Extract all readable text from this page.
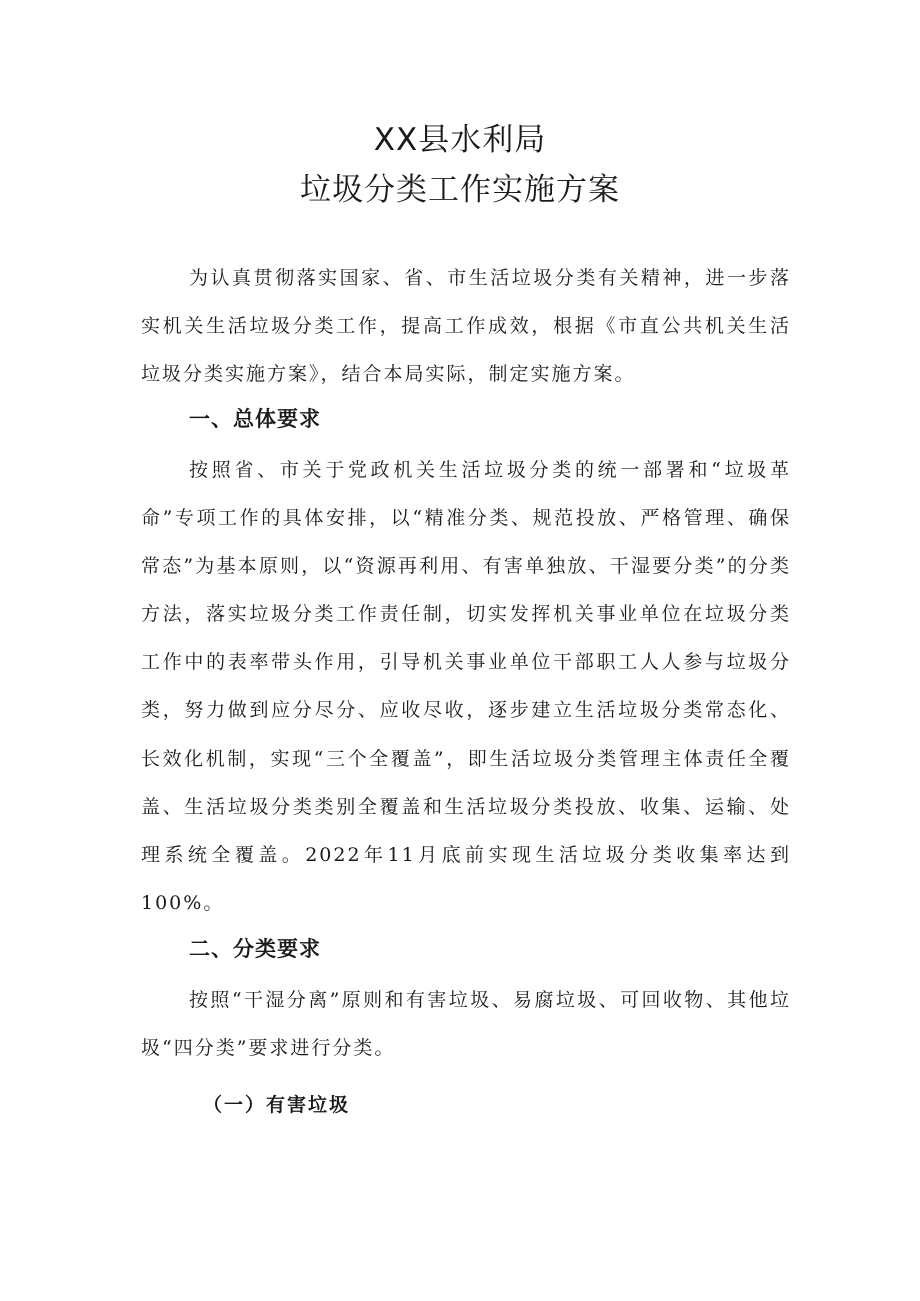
XX县水利局
垃圾分类工作实施方案

为认真贯彻落实国家、省、市生活垃圾分类有关精神，进一步落实机关生活垃圾分类工作，提高工作成效，根据《市直公共机关生活垃圾分类实施方案》，结合本局实际，制定实施方案。

一、总体要求

按照省、市关于党政机关生活垃圾分类的统一部署和“垃圾革命”专项工作的具体安排，以“精准分类、规范投放、严格管理、确保常态”为基本原则，以“资源再利用、有害单独放、干湿要分类”的分类方法，落实垃圾分类工作责任制，切实发挥机关事业单位在垃圾分类工作中的表率带头作用，引导机关事业单位干部职工人人参与垃圾分类，努力做到应分尽分、应收尽收，逐步建立生活垃圾分类常态化、长效化机制，实现“三个全覆盖”，即生活垃圾分类管理主体责任全覆盖、生活垃圾分类类别全覆盖和生活垃圾分类投放、收集、运输、处理系统全覆盖。2022年11月底前实现生活垃圾分类收集率达到100%。

二、分类要求

按照“干湿分离”原则和有害垃圾、易腐垃圾、可回收物、其他垃圾“四分类”要求进行分类。

（一）有害垃圾
